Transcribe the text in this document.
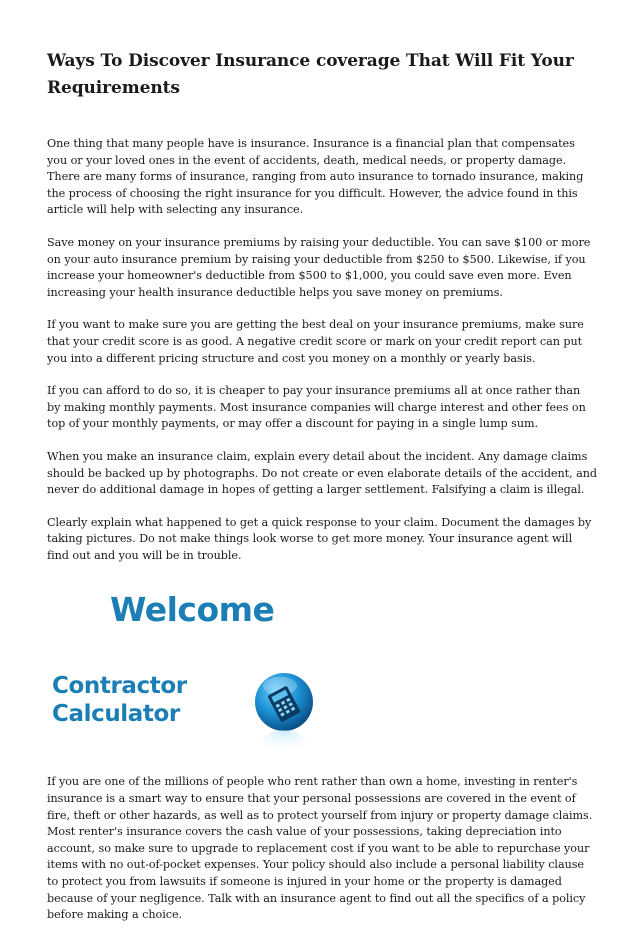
Ways To Discover Insurance coverage That Will Fit Your Requirements

One thing that many people have is insurance. Insurance is a financial plan that compensates you or your loved ones in the event of accidents, death, medical needs, or property damage. There are many forms of insurance, ranging from auto insurance to tornado insurance, making the process of choosing the right insurance for you difficult. However, the advice found in this article will help with selecting any insurance.

Save money on your insurance premiums by raising your deductible. You can save $100 or more on your auto insurance premium by raising your deductible from $250 to $500. Likewise, if you increase your homeowner's deductible from $500 to $1,000, you could save even more. Even increasing your health insurance deductible helps you save money on premiums.

If you want to make sure you are getting the best deal on your insurance premiums, make sure that your credit score is as good. A negative credit score or mark on your credit report can put you into a different pricing structure and cost you money on a monthly or yearly basis.

If you can afford to do so, it is cheaper to pay your insurance premiums all at once rather than by making monthly payments. Most insurance companies will charge interest and other fees on top of your monthly payments, or may offer a discount for paying in a single lump sum.

When you make an insurance claim, explain every detail about the incident. Any damage claims should be backed up by photographs. Do not create or even elaborate details of the accident, and never do additional damage in hopes of getting a larger settlement. Falsifying a claim is illegal.

Clearly explain what happened to get a quick response to your claim. Document the damages by taking pictures. Do not make things look worse to get more money. Your insurance agent will find out and you will be in trouble.

Welcome
Contractor
Calculator

If you are one of the millions of people who rent rather than own a home, investing in renter's insurance is a smart way to ensure that your personal possessions are covered in the event of fire, theft or other hazards, as well as to protect yourself from injury or property damage claims. Most renter's insurance covers the cash value of your possessions, taking depreciation into account, so make sure to upgrade to replacement cost if you want to be able to repurchase your items with no out-of-pocket expenses. Your policy should also include a personal liability clause to protect you from lawsuits if someone is injured in your home or the property is damaged because of your negligence. Talk with an insurance agent to find out all the specifics of a policy before making a choice.
